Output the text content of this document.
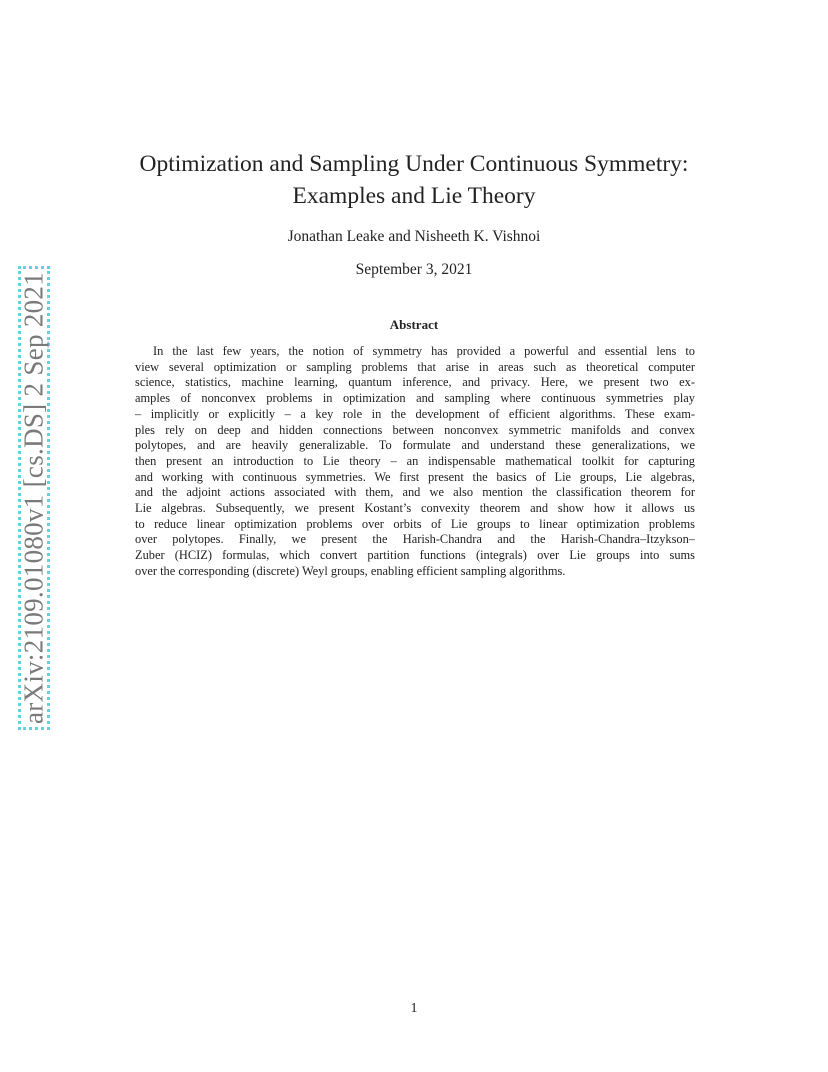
arXiv:2109.01080v1 [cs.DS] 2 Sep 2021
Optimization and Sampling Under Continuous Symmetry:
Examples and Lie Theory
Jonathan Leake and Nisheeth K. Vishnoi
September 3, 2021
Abstract
In the last few years, the notion of symmetry has provided a powerful and essential lens to
view several optimization or sampling problems that arise in areas such as theoretical computer
science, statistics, machine learning, quantum inference, and privacy. Here, we present two ex-
amples of nonconvex problems in optimization and sampling where continuous symmetries play
– implicitly or explicitly – a key role in the development of efficient algorithms. These exam-
ples rely on deep and hidden connections between nonconvex symmetric manifolds and convex
polytopes, and are heavily generalizable. To formulate and understand these generalizations, we
then present an introduction to Lie theory – an indispensable mathematical toolkit for capturing
and working with continuous symmetries. We first present the basics of Lie groups, Lie algebras,
and the adjoint actions associated with them, and we also mention the classification theorem for
Lie algebras. Subsequently, we present Kostant’s convexity theorem and show how it allows us
to reduce linear optimization problems over orbits of Lie groups to linear optimization problems
over polytopes. Finally, we present the Harish-Chandra and the Harish-Chandra–Itzykson–
Zuber (HCIZ) formulas, which convert partition functions (integrals) over Lie groups into sums
over the corresponding (discrete) Weyl groups, enabling efficient sampling algorithms.
1
